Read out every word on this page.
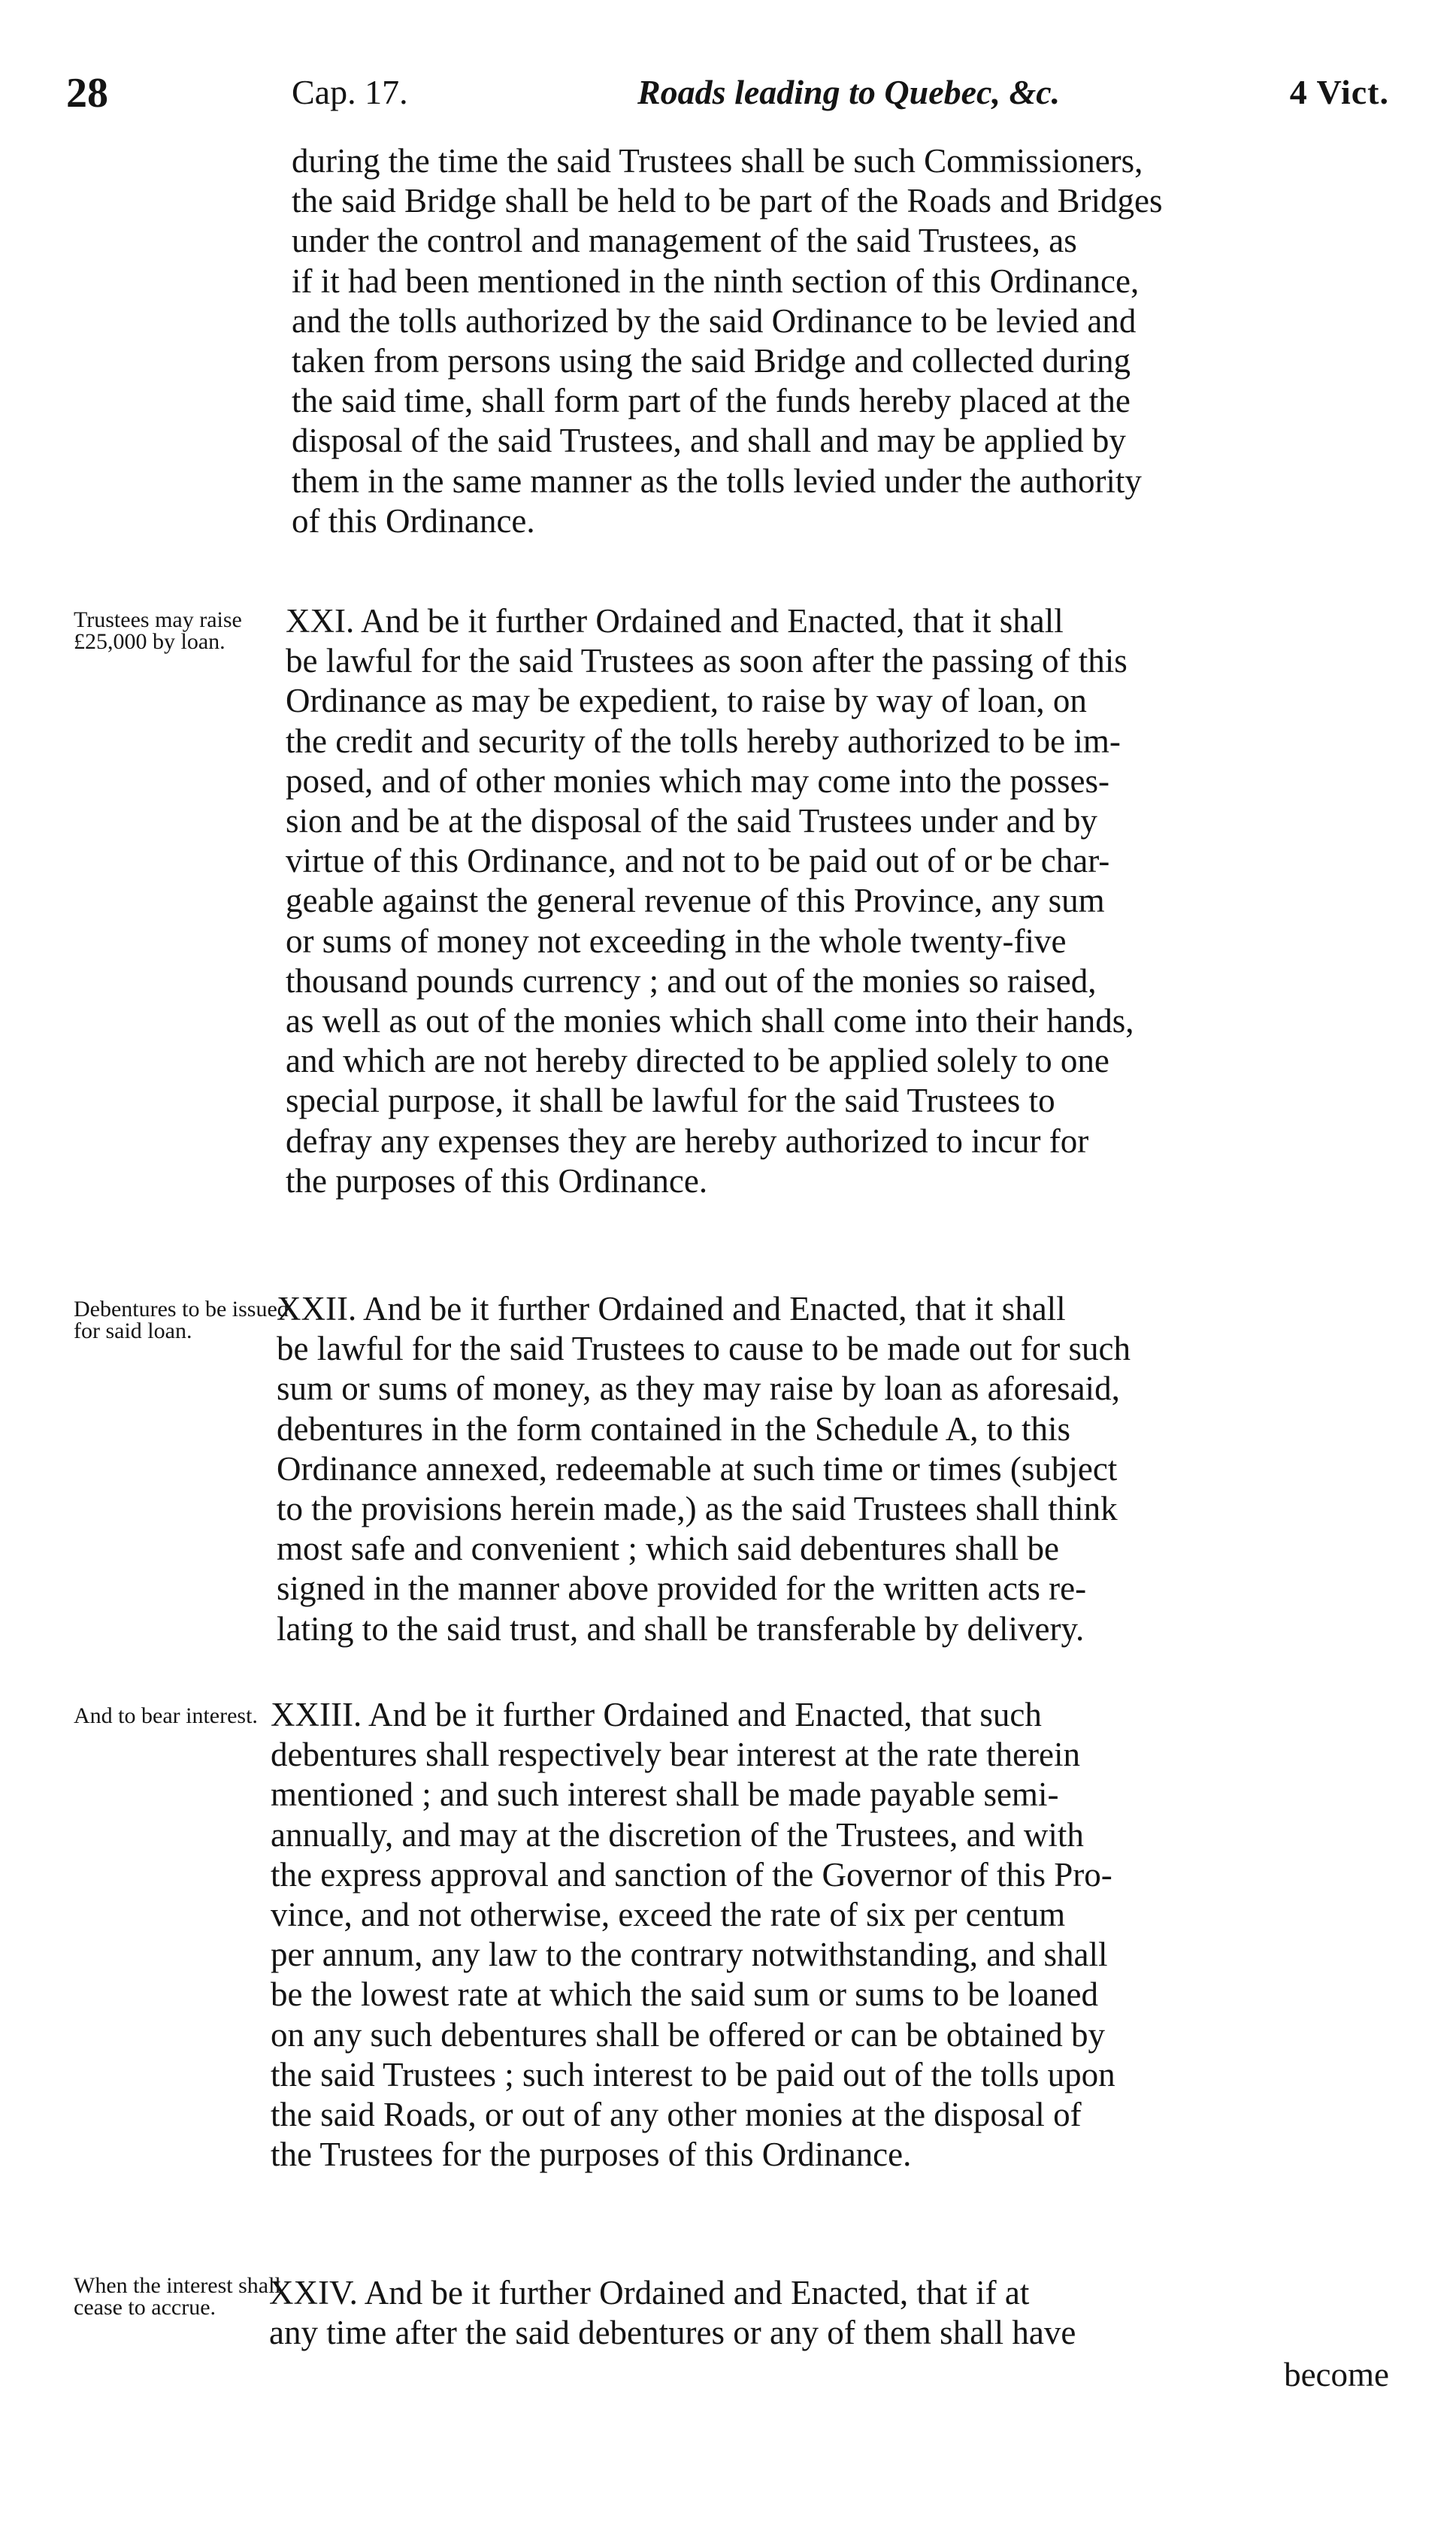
28	Cap. 17.	Roads leading to Quebec, &c.	4 Vict.

during the time the said Trustees shall be such Commissioners,
the said Bridge shall be held to be part of the Roads and Bridges
under the control and management of the said Trustees, as
if it had been mentioned in the ninth section of this Ordinance,
and the tolls authorized by the said Ordinance to be levied and
taken from persons using the said Bridge and collected during
the said time, shall form part of the funds hereby placed at the
disposal of the said Trustees, and shall and may be applied by
them in the same manner as the tolls levied under the authority
of this Ordinance.

Trustees may raise £25,000 by loan.

XXI. And be it further Ordained and Enacted, that it shall
be lawful for the said Trustees as soon after the passing of this
Ordinance as may be expedient, to raise by way of loan, on
the credit and security of the tolls hereby authorized to be im-
posed, and of other monies which may come into the posses-
sion and be at the disposal of the said Trustees under and by
virtue of this Ordinance, and not to be paid out of or be char-
geable against the general revenue of this Province, any sum
or sums of money not exceeding in the whole twenty-five
thousand pounds currency ; and out of the monies so raised,
as well as out of the monies which shall come into their hands,
and which are not hereby directed to be applied solely to one
special purpose, it shall be lawful for the said Trustees to
defray any expenses they are hereby authorized to incur for
the purposes of this Ordinance.

Debentures to be issued for said loan.

XXII. And be it further Ordained and Enacted, that it shall
be lawful for the said Trustees to cause to be made out for such
sum or sums of money, as they may raise by loan as aforesaid,
debentures in the form contained in the Schedule A, to this
Ordinance annexed, redeemable at such time or times (subject
to the provisions herein made,) as the said Trustees shall think
most safe and convenient ; which said debentures shall be
signed in the manner above provided for the written acts re-
lating to the said trust, and shall be transferable by delivery.

And to bear interest. XXIII. And be it further Ordained and Enacted, that such
debentures shall respectively bear interest at the rate therein
mentioned ; and such interest shall be made payable semi-
annually, and may at the discretion of the Trustees, and with
the express approval and sanction of the Governor of this Pro-
vince, and not otherwise, exceed the rate of six per centum
per annum, any law to the contrary notwithstanding, and shall
be the lowest rate at which the said sum or sums to be loaned
on any such debentures shall be offered or can be obtained by
the said Trustees ; such interest to be paid out of the tolls upon
the said Roads, or out of any other monies at the disposal of
the Trustees for the purposes of this Ordinance.

When the interest shall cease to accrue.	XXIV. And be it further Ordained and Enacted, that if at
any time after the said debentures or any of them shall have

become
